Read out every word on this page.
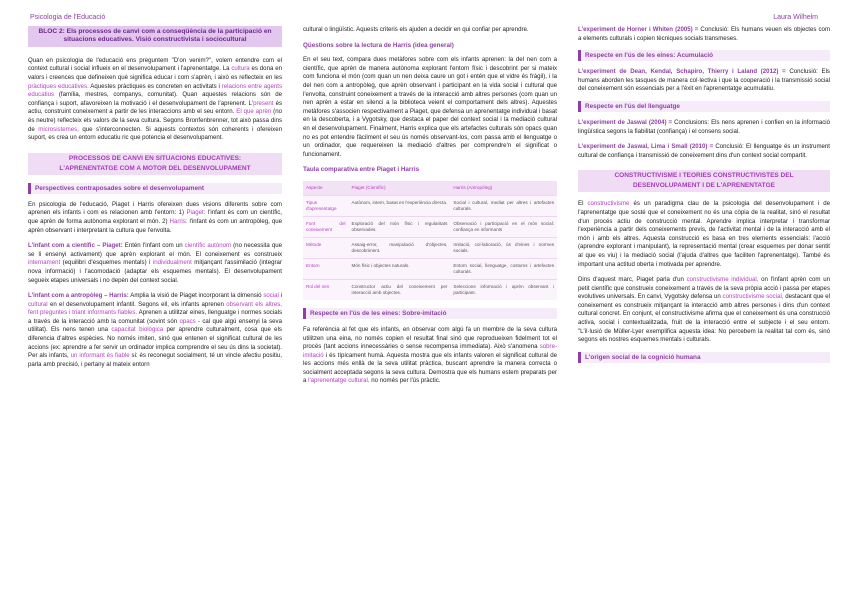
Psicologia de l'Educació	Laura Wilhelm
BLOC 2: Els processos de canvi com a conseqüència de la participació en situacions educatives. Visió constructivista i sociocultural

Quan en psicologia de l'educació ens preguntem "D'on venim?", volem entendre com el context cultural i social influeix en el desenvolupament i l'aprenentatge. La cultura es dona en valors i creences que defineixen què significa educar i com s'aprèn, i això es reflecteix en les pràctiques educatives. Aquestes pràctiques es concreten en activitats i relacions entre agents educatius (família, mestres, companys, comunitat). Quan aquestes relacions són de confiança i suport, afavoreixen la motivació i el desenvolupament de l'aprenent. L'present és actiu, construint coneixement a partir de les interaccions amb el seu entorn. El que aprèn (no és neutre) reflecteix els valors de la seva cultura. Segons Bronfenbrenner, tot això passa dins de microsistemes, que s'interconnecten. Si aquests contextos són coherents i ofereixen suport, es crea un entorn educatiu ric que potencia el desenvolupament.

PROCESSOS DE CANVI EN SITUACIONS EDUCATIVES:
L'APRENENTATGE COM A MOTOR DEL DESENVOLUPAMENT
Perspectives contraposades sobre el desenvolupament

En psicologia de l'educació, Piaget i Harris ofereixen dues visions diferents sobre com aprenen els infants i com es relacionen amb l'entorn: 1) Piaget: l'infant és com un científic, que aprèn de forma autònoma explorant el món. 2) Harris: l'infant és com un antropòleg, que aprèn observant i interpretant la cultura que l'envolta.

L'infant com a científic – Piaget: Entén l'infant com un científic autònom (no necessita que se li ensenyi activament) que aprèn explorant el món. El coneixement es construeix internament (equilibri d'esquemes mentals) i individualment mitjançant l'assimilació (integrar nova informació) i l'acomodació (adaptar els esquemes mentals). El desenvolupament segueix etapes universals i no depèn del context social.

L'infant com a antropòleg – Harris: Amplia la visió de Piaget incorporant la dimensió social i cultural en el desenvolupament infantil. Segons ell, els infants aprenen observant els altres, fent preguntes i triant informants fiables. Aprenen a utilitzar eines, llenguatge i normes socials a través de la interacció amb la comunitat (sovint són opacs - cal que algú ensenyi la seva utilitat). Els nens tenen una capacitat biològica per aprendre culturalment, cosa que els diferencia d'altres espècies. No només imiten, sinó que entenen el significat cultural de les accions (ex: aprendre a fer servir un ordinador implica comprendre el seu ús dins la societat). Per als infants, un informant és fiable si: és reconegut socialment, té un vincle afectiu positiu, parla amb precisió, i pertany al mateix entorn

cultural o lingüístic. Aquests criteris els ajuden a decidir en qui confiar per aprendre.

Qüestions sobre la lectura de Harris (idea general)

En el seu text, compara dues metàfores sobre com els infants aprenen: la del nen com a científic, que aprèn de manera autònoma explorant l'entorn físic i descobrint per si mateix com funciona el món (com quan un nen deixa caure un got i entén que el vidre és fràgil), i la del nen com a antropòleg, que aprèn observant i participant en la vida social i cultural que l'envolta, construint coneixement a través de la interacció amb altres persones (com quan un nen aprèn a estar en silenci a la biblioteca veient el comportament dels altres). Aquestes metàfores s'associen respectivament a Piaget, que defensa un aprenentatge individual i basat en la descoberta, i a Vygotsky, que destaca el paper del context social i la mediació cultural en el desenvolupament. Finalment, Harris explica que els artefactes culturals són opacs quan no es pot entendre fàcilment el seu ús només observant-los, com passa amb el llenguatge o un ordinador, que requereixen la mediació d'altres per comprendre'n el significat o funcionament.

Taula comparativa entre Piaget i Harris
Aspecte	Piaget (Científic)	Harris (Antropòleg)
Tipus d'aprenentatge	Autònom, intern, basat en l'experiència directa.	Social i cultural, mediat per altres i artefactes culturals.
Font del coneixement	Exploració del món físic i regularitats observades.	Observació i participació en el món social: confiança en informants
Mètode	Assaig-error, manipulació d'objectes, descobriment.	Imitació, col·laboració, ús d'eines i normes socials.
Entorn	Món físic i objectes naturals.	Entorn social, llenguatge, costums i artefactes culturals.
Rol del nen	Constructor actiu del coneixement per interacció amb objectes.	Seleccione informació i aprèn observant i participant.
Respecte en l'ús de les eines: Sobre-imitació

Fa referència al fet que els infants, en observar com algú fa un membre de la seva cultura utilitzen una eina, no només copien el resultat final sinó que reprodueixen fidelment tot el procés (tant accions innecessàries o sense recompensa immediata). Això s'anomena sobre-imitació i és típicament humà. Aquesta mostra que els infants valoren el significat cultural de les accions més enllà de la seva utilitat pràctica, buscant aprendre la manera correcta o socialment acceptada segons la seva cultura. Demostra que els humans estem preparats per a l'aprenentatge cultural, no només per l'ús pràctic.

L'experiment de Horner i Whiten (2005) = Conclusió: Els humans veuen els objectes com a elements culturals i copien tècniques socials transmeses.

Respecte en l'ús de les eines: Acumulació

L'experiment de Dean, Kendal, Schapiro, Thierry i Laland (2012) = Conclusió: Els humans aborden les tasques de manera col·lectiva i que la cooperació i la transmissió social del coneixement són essencials per a l'èxit en l'aprenentatge acumulatiu.

Respecte en l'ús del llenguatge

L'experiment de Jaswal (2004) = Conclusions: Els nens aprenen i confien en la informació lingüística segons la fiabilitat (confiança) i el consens social.

L'experiment de Jaswal, Lima i Small (2010) = Conclusió: El llenguatge és un instrument cultural de confiança i transmissió de coneixement dins d'un context social compartit.

CONSTRUCTIVISME I TEORIES CONSTRUCTIVISTES DEL
DESENVOLUPAMENT I DE L'APRENENTATGE

El constructivisme és un paradigma clau de la psicologia del desenvolupament i de l'aprenentatge que sosté que el coneixement no és una còpia de la realitat, sinó el resultat d'un procés actiu de construcció mental. Aprendre implica interpretar i transformar l'experiència a partir dels coneixements previs, de l'activitat mental i de la interacció amb el món i amb els altres. Aquesta construcció es basa en tres elements essencials: l'acció (aprendre explorant i manipulant), la representació mental (crear esquemes per donar sentit al que es viu) i la mediació social (l'ajuda d'altres que faciliten l'aprenentatge). També és important una actitud oberta i motivada per aprendre.

Dins d'aquest marc, Piaget parla d'un constructivisme individual, on l'infant aprèn com un petit científic que construeix coneixement a través de la seva pròpia acció i passa per etapes evolutives universals. En canvi, Vygotsky defensa un constructivisme social, destacant que el coneixement es construeix mitjançant la interacció amb altres persones i dins d'un context cultural concret. En conjunt, el constructivisme afirma que el coneixement és una construcció activa, social i contextualitzada, fruit de la interacció entre el subjecte i el seu entorn. "L'il·lusió de Müller-Lyer exemplifica aquesta idea: No percebem la realitat tal com és, sinó segons els nostres esquemes mentals i culturals.

L'origen social de la cognició humana
